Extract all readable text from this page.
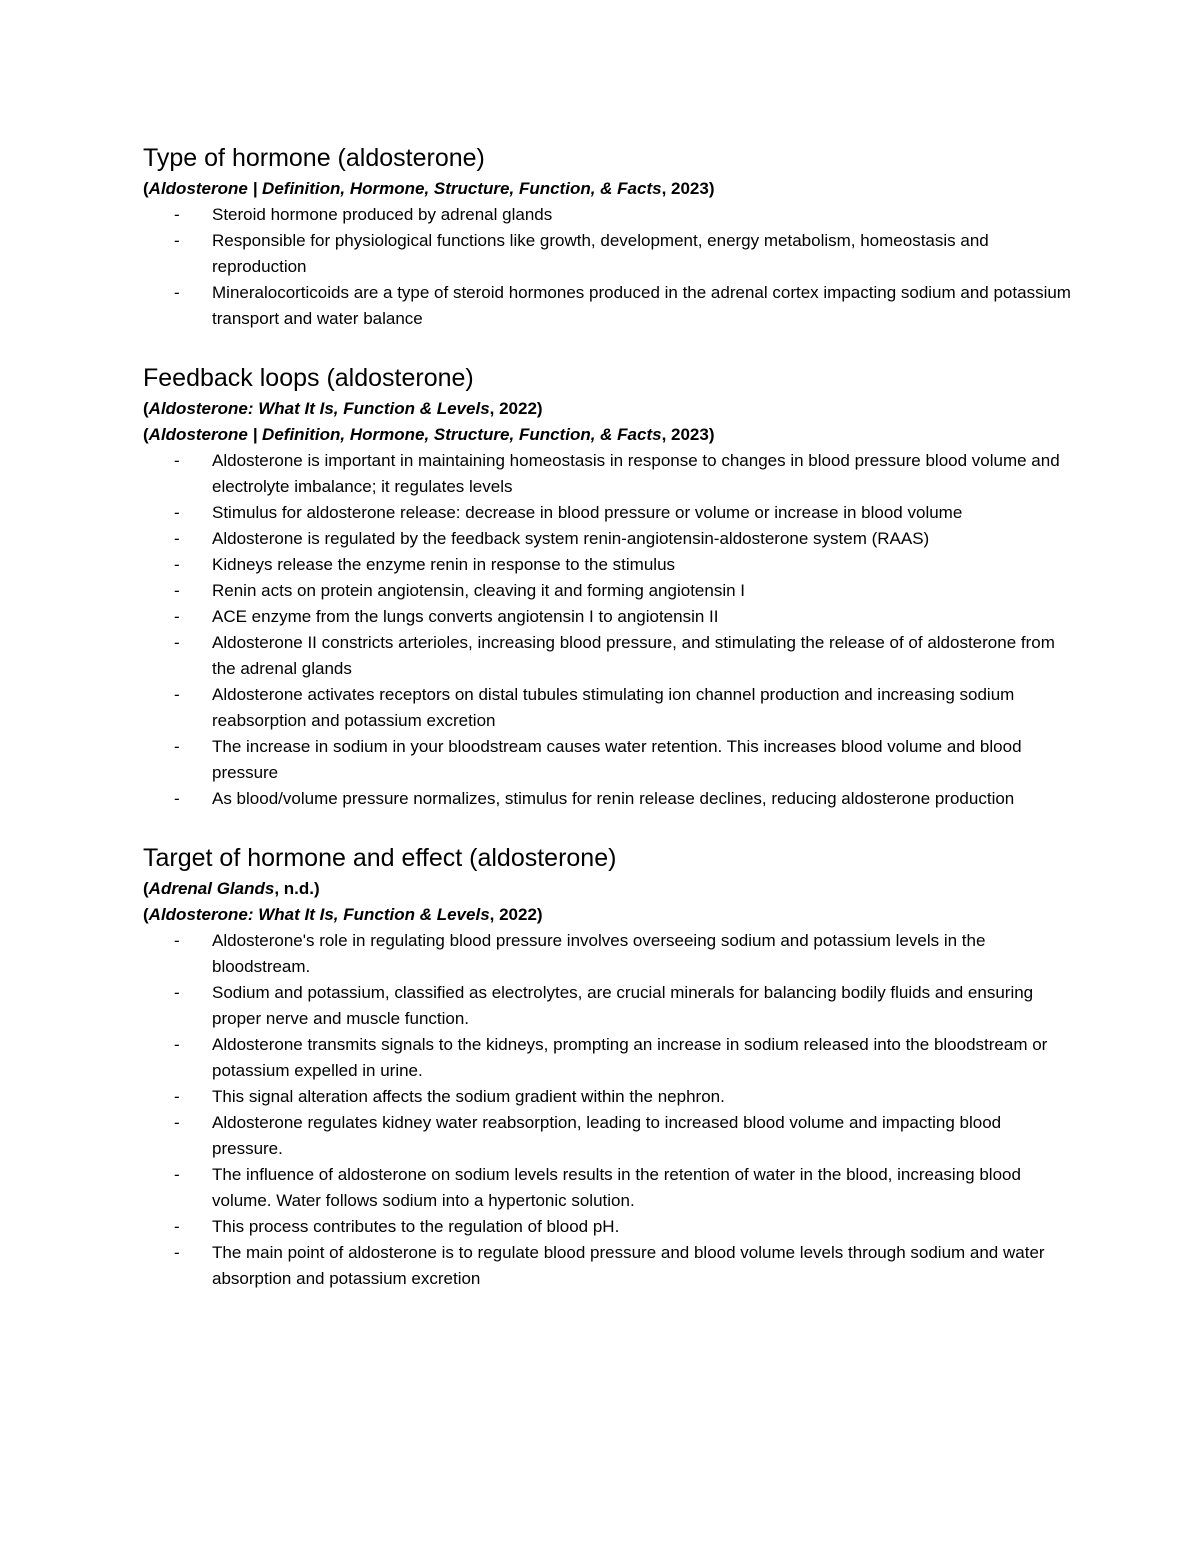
Type of hormone (aldosterone)

(Aldosterone | Definition, Hormone, Structure, Function, & Facts, 2023)

- Steroid hormone produced by adrenal glands
- Responsible for physiological functions like growth, development, energy metabolism, homeostasis and reproduction
- Mineralocorticoids are a type of steroid hormones produced in the adrenal cortex impacting sodium and potassium transport and water balance
Feedback loops (aldosterone)

(Aldosterone: What It Is, Function & Levels, 2022)

(Aldosterone | Definition, Hormone, Structure, Function, & Facts, 2023)

- Aldosterone is important in maintaining homeostasis in response to changes in blood pressure blood volume and electrolyte imbalance; it regulates levels
- Stimulus for aldosterone release: decrease in blood pressure or volume or increase in blood volume
- Aldosterone is regulated by the feedback system renin-angiotensin-aldosterone system (RAAS)
- Kidneys release the enzyme renin in response to the stimulus
- Renin acts on protein angiotensin, cleaving it and forming angiotensin I
- ACE enzyme from the lungs converts angiotensin I to angiotensin II
- Aldosterone II constricts arterioles, increasing blood pressure, and stimulating the release of of aldosterone from the adrenal glands
- Aldosterone activates receptors on distal tubules stimulating ion channel production and increasing sodium reabsorption and potassium excretion
- The increase in sodium in your bloodstream causes water retention. This increases blood volume and blood pressure
- As blood/volume pressure normalizes, stimulus for renin release declines, reducing aldosterone production
Target of hormone and effect (aldosterone)

(Adrenal Glands, n.d.)

(Aldosterone: What It Is, Function & Levels, 2022)

- Aldosterone's role in regulating blood pressure involves overseeing sodium and potassium levels in the bloodstream.
- Sodium and potassium, classified as electrolytes, are crucial minerals for balancing bodily fluids and ensuring proper nerve and muscle function.
- Aldosterone transmits signals to the kidneys, prompting an increase in sodium released into the bloodstream or potassium expelled in urine.
- This signal alteration affects the sodium gradient within the nephron.
- Aldosterone regulates kidney water reabsorption, leading to increased blood volume and impacting blood pressure.
- The influence of aldosterone on sodium levels results in the retention of water in the blood, increasing blood volume. Water follows sodium into a hypertonic solution.
- This process contributes to the regulation of blood pH.
- The main point of aldosterone is to regulate blood pressure and blood volume levels through sodium and water absorption and potassium excretion
